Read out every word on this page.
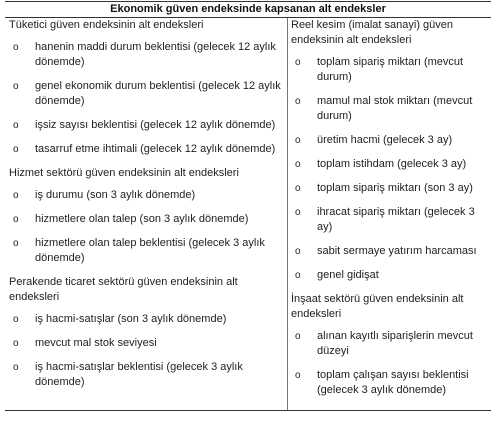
Ekonomik güven endeksinde kapsanan alt endeksler
Tüketici güven endeksinin alt endeksleri
o hanenin maddi durum beklentisi (gelecek 12 aylık dönemde)
o genel ekonomik durum beklentisi (gelecek 12 aylık dönemde)
o işsiz sayısı beklentisi (gelecek 12 aylık dönemde)
o tasarruf etme ihtimali (gelecek 12 aylık dönemde)
Hizmet sektörü güven endeksinin alt endeksleri
o iş durumu (son 3 aylık dönemde)
o hizmetlere olan talep (son 3 aylık dönemde)
o hizmetlere olan talep beklentisi (gelecek 3 aylık dönemde)
Perakende ticaret sektörü güven endeksinin alt endeksleri
o iş hacmi-satışlar (son 3 aylık dönemde)
o mevcut mal stok seviyesi
o iş hacmi-satışlar beklentisi (gelecek 3 aylık dönemde)
Reel kesim (imalat sanayi) güven endeksinin alt endeksleri
o toplam sipariş miktarı (mevcut durum)
o mamul mal stok miktarı (mevcut durum)
o üretim hacmi (gelecek 3 ay)
o toplam istihdam (gelecek 3 ay)
o toplam sipariş miktarı (son 3 ay)
o ihracat sipariş miktarı (gelecek 3 ay)
o sabit sermaye yatırım harcaması
o genel gidişat
İnşaat sektörü güven endeksinin alt endeksleri
o alınan kayıtlı siparişlerin mevcut düzeyi
o toplam çalışan sayısı beklentisi (gelecek 3 aylık dönemde)
